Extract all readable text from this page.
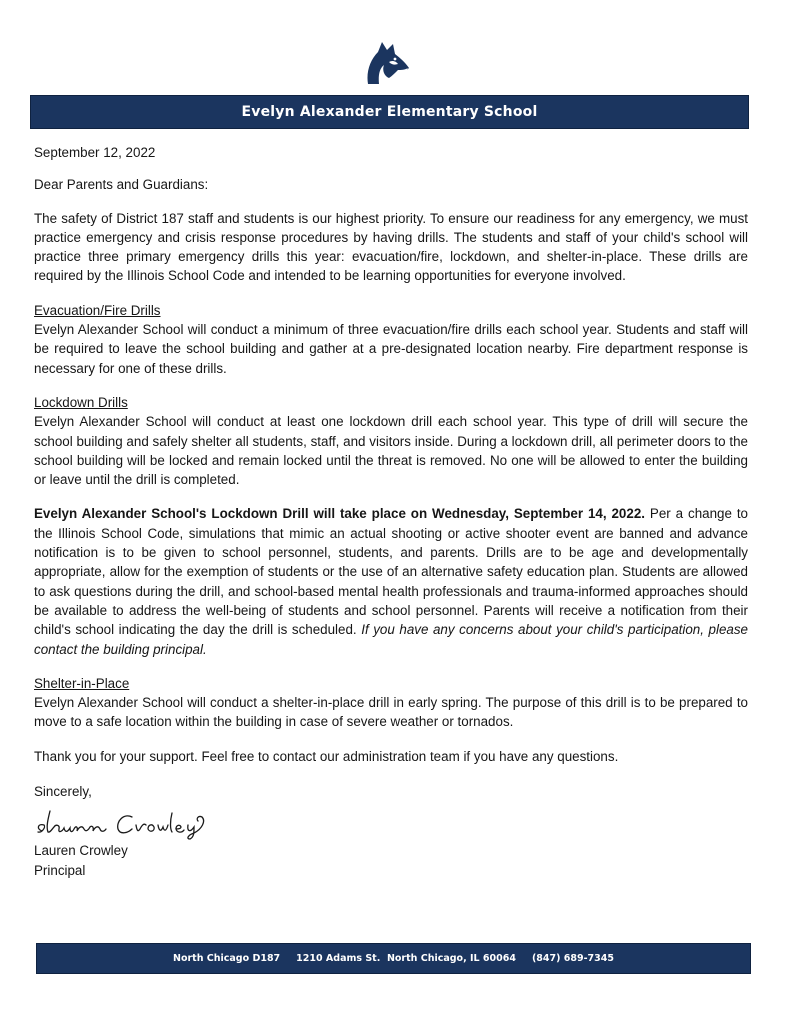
Evelyn Alexander Elementary School

September 12, 2022

Dear Parents and Guardians:

The safety of District 187 staff and students is our highest priority. To ensure our readiness for any emergency, we must practice emergency and crisis response procedures by having drills. The students and staff of your child's school will practice three primary emergency drills this year: evacuation/fire, lockdown, and shelter-in-place. These drills are required by the Illinois School Code and intended to be learning opportunities for everyone involved.

Evacuation/Fire Drills

Evelyn Alexander School will conduct a minimum of three evacuation/fire drills each school year. Students and staff will be required to leave the school building and gather at a pre-designated location nearby. Fire department response is necessary for one of these drills.

Lockdown Drills

Evelyn Alexander School will conduct at least one lockdown drill each school year. This type of drill will secure the school building and safely shelter all students, staff, and visitors inside. During a lockdown drill, all perimeter doors to the school building will be locked and remain locked until the threat is removed. No one will be allowed to enter the building or leave until the drill is completed.

Evelyn Alexander School's Lockdown Drill will take place on Wednesday, September 14, 2022. Per a change to the Illinois School Code, simulations that mimic an actual shooting or active shooter event are banned and advance notification is to be given to school personnel, students, and parents. Drills are to be age and developmentally appropriate, allow for the exemption of students or the use of an alternative safety education plan. Students are allowed to ask questions during the drill, and school-based mental health professionals and trauma-informed approaches should be available to address the well-being of students and school personnel. Parents will receive a notification from their child's school indicating the day the drill is scheduled. If you have any concerns about your child's participation, please contact the building principal.

Shelter-in-Place

Evelyn Alexander School will conduct a shelter-in-place drill in early spring. The purpose of this drill is to be prepared to move to a safe location within the building in case of severe weather or tornados.

Thank you for your support. Feel free to contact our administration team if you have any questions.

Sincerely,

Lauren Crowley

Principal

North Chicago D187 1210 Adams St.  North Chicago, IL 60064 (847) 689-7345
